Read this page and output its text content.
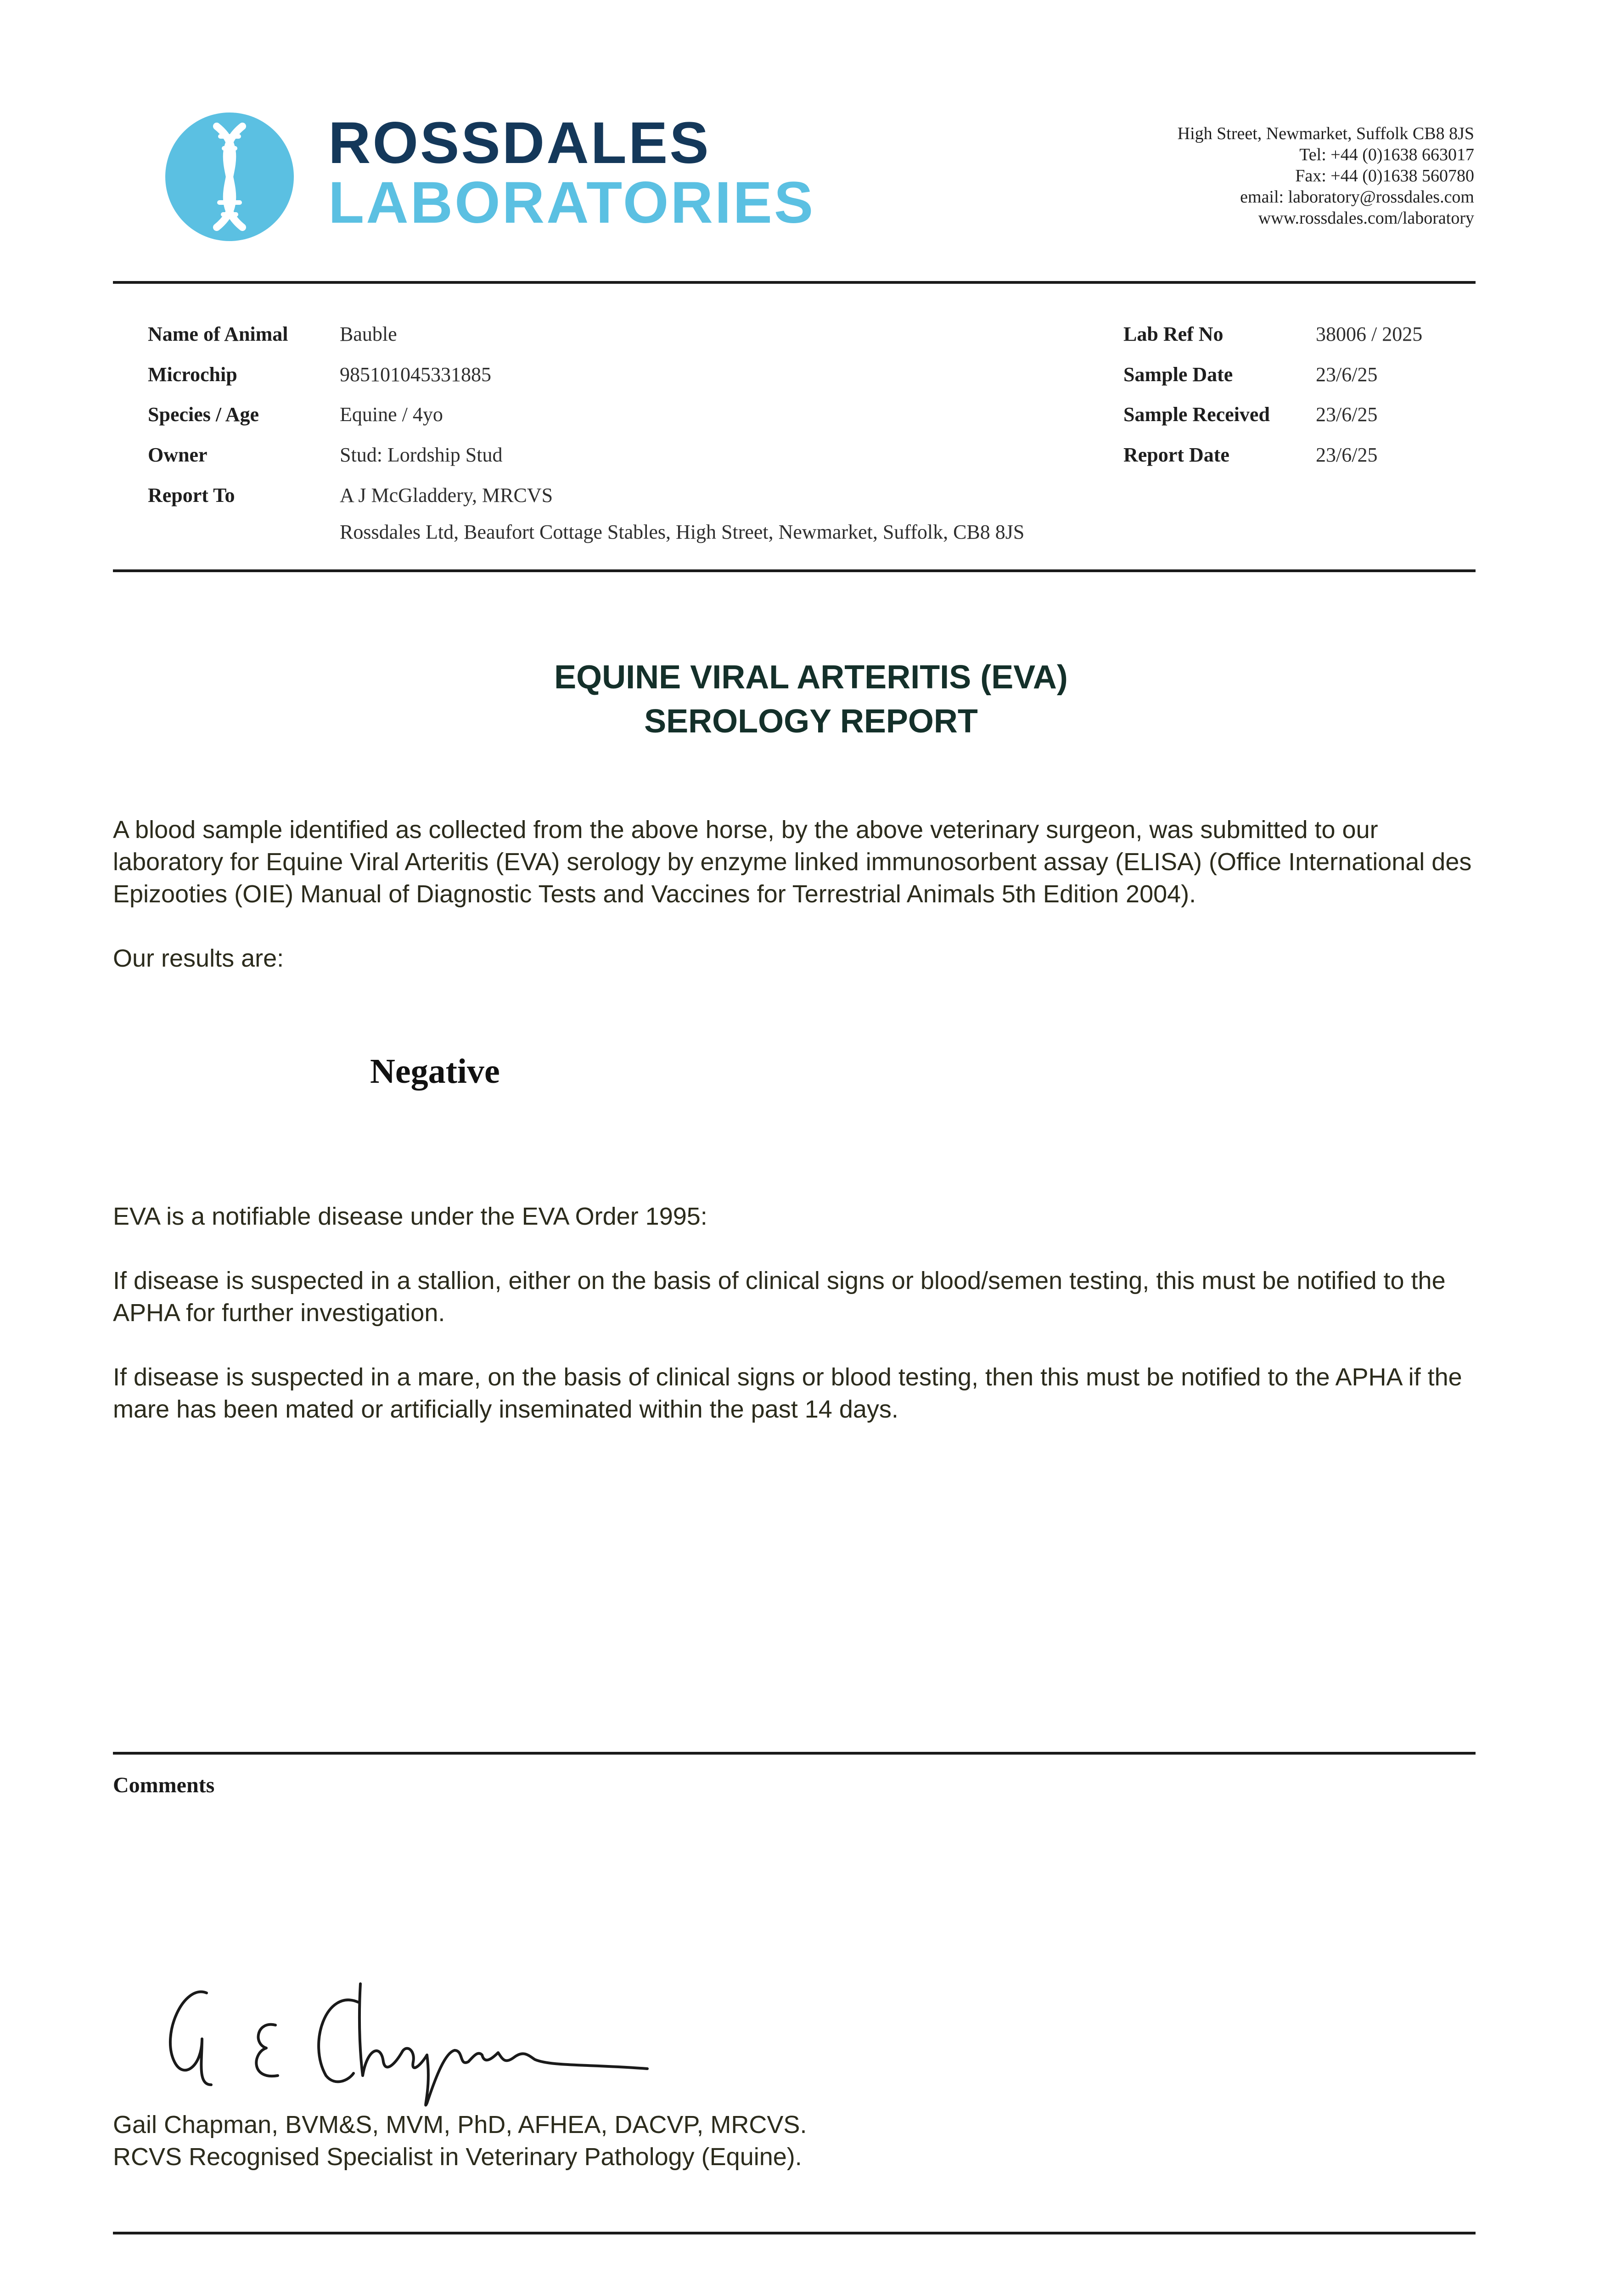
ROSSDALES
LABORATORIES
High Street, Newmarket, Suffolk CB8 8JS
Tel: +44 (0)1638 663017
Fax: +44 (0)1638 560780
email: laboratory@rossdales.com
www.rossdales.com/laboratory
Name of Animal	Bauble
Microchip	985101045331885
Species / Age	Equine / 4yo
Owner	Stud: Lordship Stud
Report To	A J McGladdery, MRCVS
Rossdales Ltd, Beaufort Cottage Stables, High Street, Newmarket, Suffolk, CB8 8JS
Lab Ref No	38006 / 2025
Sample Date	23/6/25
Sample Received 23/6/25
Report Date	23/6/25
EQUINE VIRAL ARTERITIS (EVA)
SEROLOGY REPORT

A blood sample identified as collected from the above horse, by the above veterinary surgeon, was submitted to our laboratory for Equine Viral Arteritis (EVA) serology by enzyme linked immunosorbent assay (ELISA) (Office International des Epizooties (OIE) Manual of Diagnostic Tests and Vaccines for Terrestrial Animals 5th Edition 2004).

Our results are:

Negative

EVA is a notifiable disease under the EVA Order 1995:

If disease is suspected in a stallion, either on the basis of clinical signs or blood/semen testing, this must be notified to the APHA for further investigation.

If disease is suspected in a mare, on the basis of clinical signs or blood testing, then this must be notified to the APHA if the mare has been mated or artificially inseminated within the past 14 days.

Comments
Gail Chapman, BVM&S, MVM, PhD, AFHEA, DACVP, MRCVS.
RCVS Recognised Specialist in Veterinary Pathology (Equine).
